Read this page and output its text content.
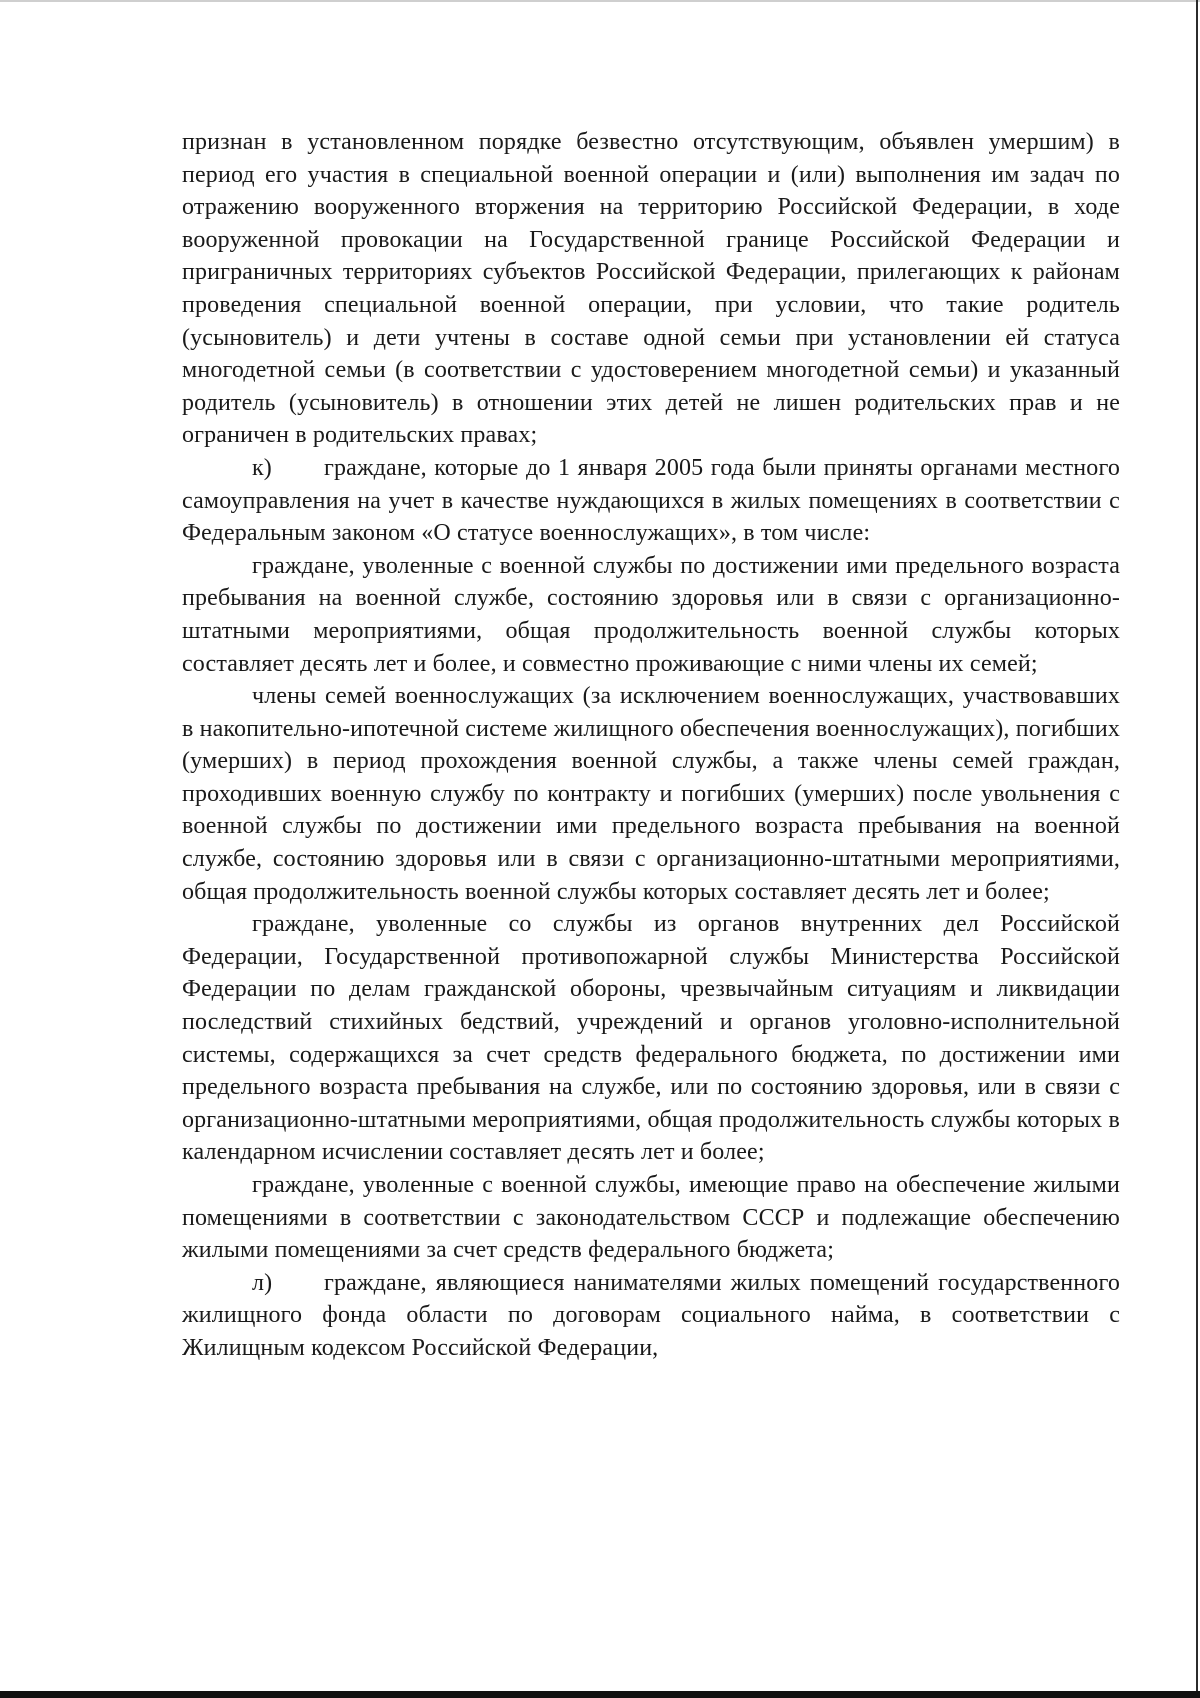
признан в установленном порядке безвестно отсутствующим, объявлен умершим) в период его участия в специальной военной операции и (или) выполнения им задач по отражению вооруженного вторжения на территорию Российской Федерации, в ходе вооруженной провокации на Государственной границе Российской Федерации и приграничных территориях субъектов Российской Федерации, прилегающих к районам проведения специальной военной операции, при условии, что такие родитель (усыновитель) и дети учтены в составе одной семьи при установлении ей статуса многодетной семьи (в соответствии с удостоверением многодетной семьи) и указанный родитель (усыновитель) в отношении этих детей не лишен родительских прав и не ограничен в родительских правах;

к) граждане, которые до 1 января 2005 года были приняты органами местного самоуправления на учет в качестве нуждающихся в жилых помещениях в соответствии с Федеральным законом «О статусе военнослужащих», в том числе:

граждане, уволенные с военной службы по достижении ими предельного возраста пребывания на военной службе, состоянию здоровья или в связи с организационно-штатными мероприятиями, общая продолжительность военной службы которых составляет десять лет и более, и совместно проживающие с ними члены их семей;

члены семей военнослужащих (за исключением военнослужащих, участвовавших в накопительно-ипотечной системе жилищного обеспечения военнослужащих), погибших (умерших) в период прохождения военной службы, а также члены семей граждан, проходивших военную службу по контракту и погибших (умерших) после увольнения с военной службы по достижении ими предельного возраста пребывания на военной службе, состоянию здоровья или в связи с организационно-штатными мероприятиями, общая продолжительность военной службы которых составляет десять лет и более;

граждане, уволенные со службы из органов внутренних дел Российской Федерации, Государственной противопожарной службы Министерства Российской Федерации по делам гражданской обороны, чрезвычайным ситуациям и ликвидации последствий стихийных бедствий, учреждений и органов уголовно-исполнительной системы, содержащихся за счет средств федерального бюджета, по достижении ими предельного возраста пребывания на службе, или по состоянию здоровья, или в связи с организационно-штатными мероприятиями, общая продолжительность службы которых в календарном исчислении составляет десять лет и более;

граждане, уволенные с военной службы, имеющие право на обеспечение жилыми помещениями в соответствии с законодательством СССР и подлежащие обеспечению жилыми помещениями за счет средств федерального бюджета;

л) граждане, являющиеся нанимателями жилых помещений государственного жилищного фонда области по договорам социального найма, в соответствии с Жилищным кодексом Российской Федерации,
